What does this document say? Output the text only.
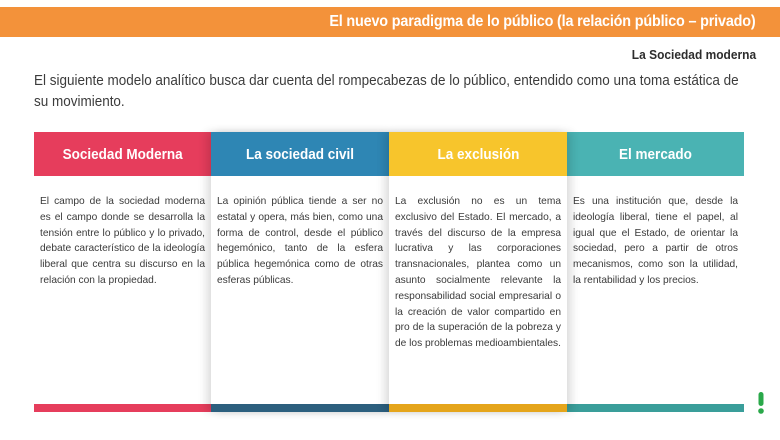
El nuevo paradigma de lo público (la relación público – privado)
La Sociedad moderna

El siguiente modelo analítico busca dar cuenta del rompecabezas de lo público, entendido como una toma estática de su movimiento.

Sociedad Moderna
El campo de la sociedad moderna es el campo donde se desarrolla la tensión entre lo público y lo privado, debate característico de la ideología liberal que centra su discurso en la relación con la propiedad.
La sociedad civil
La opinión pública tiende a ser no estatal y opera, más bien, como una forma de control, desde el público hegemónico, tanto de la esfera pública hegemónica como de otras esferas públicas.
La exclusión
La exclusión no es un tema exclusivo del Estado. El mercado, a través del discurso de la empresa lucrativa y las corporaciones transnacionales, plantea como un asunto socialmente relevante la responsabilidad social empresarial o la creación de valor compartido en pro de la superación de la pobreza y de los problemas medioambientales.
El mercado
Es una institución que, desde la ideología liberal, tiene el papel, al igual que el Estado, de orientar la sociedad, pero a partir de otros mecanismos, como son la utilidad, la rentabilidad y los precios.
